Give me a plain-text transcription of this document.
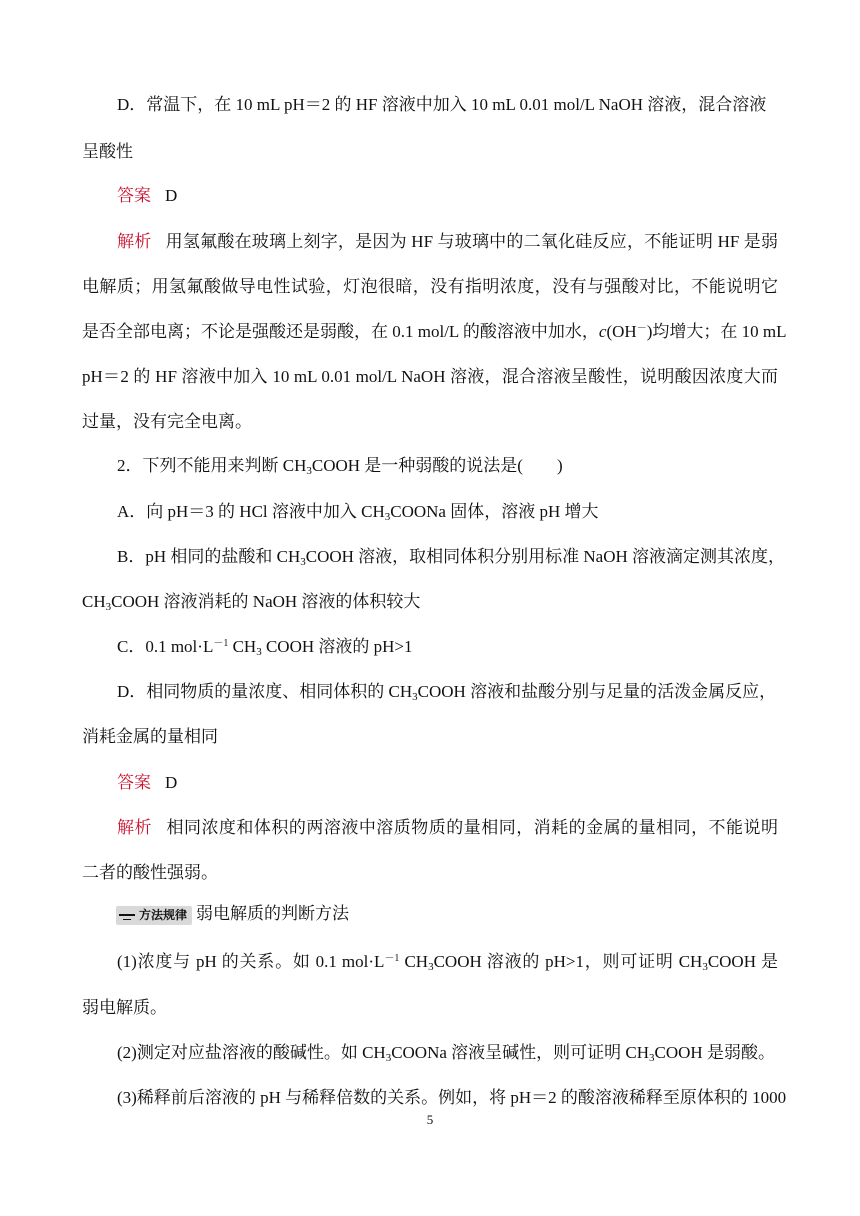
D．常温下，在 10 mL pH＝2 的 HF 溶液中加入 10 mL 0.01 mol/L NaOH 溶液，混合溶液
呈酸性
答案 D
解析 用氢氟酸在玻璃上刻字，是因为 HF 与玻璃中的二氧化硅反应，不能证明 HF 是弱
电解质；用氢氟酸做导电性试验，灯泡很暗，没有指明浓度，没有与强酸对比，不能说明它
是否全部电离；不论是强酸还是弱酸，在 0.1 mol/L 的酸溶液中加水，c(OH－)均增大；在 10 mL
pH＝2 的 HF 溶液中加入 10 mL 0.01 mol/L NaOH 溶液，混合溶液呈酸性，说明酸因浓度大而
过量，没有完全电离。
2．下列不能用来判断 $CH_3COOH$ 是一种弱酸的说法是(　　)
A．向 pH＝3 的 HCl 溶液中加入 $CH_3COONa$ 固体，溶液 pH 增大
B．pH 相同的盐酸和 $CH_3COOH$ 溶液，取相同体积分别用标准 NaOH 溶液滴定测其浓度，
$CH_3COOH$ 溶液消耗的 NaOH 溶液的体积较大
C．0.1 $mol\cdot L^{-1}$ $CH_3$ COOH 溶液的 pH>1
D．相同物质的量浓度、相同体积的 $CH_3COOH$ 溶液和盐酸分别与足量的活泼金属反应，
消耗金属的量相同
答案 D
解析 相同浓度和体积的两溶液中溶质物质的量相同，消耗的金属的量相同，不能说明
二者的酸性强弱。
方法规律 弱电解质的判断方法
(1)浓度与 pH 的关系。如 0.1 $mol\cdot L^{-1}$ $CH_3COOH$ 溶液的 pH>1，则可证明 $CH_3COOH$ 是
弱电解质。
(2)测定对应盐溶液的酸碱性。如 $CH_3COONa$ 溶液呈碱性，则可证明 $CH_3COOH$ 是弱酸。
(3)稀释前后溶液的 pH 与稀释倍数的关系。例如，将 pH＝2 的酸溶液稀释至原体积的 1000
5
